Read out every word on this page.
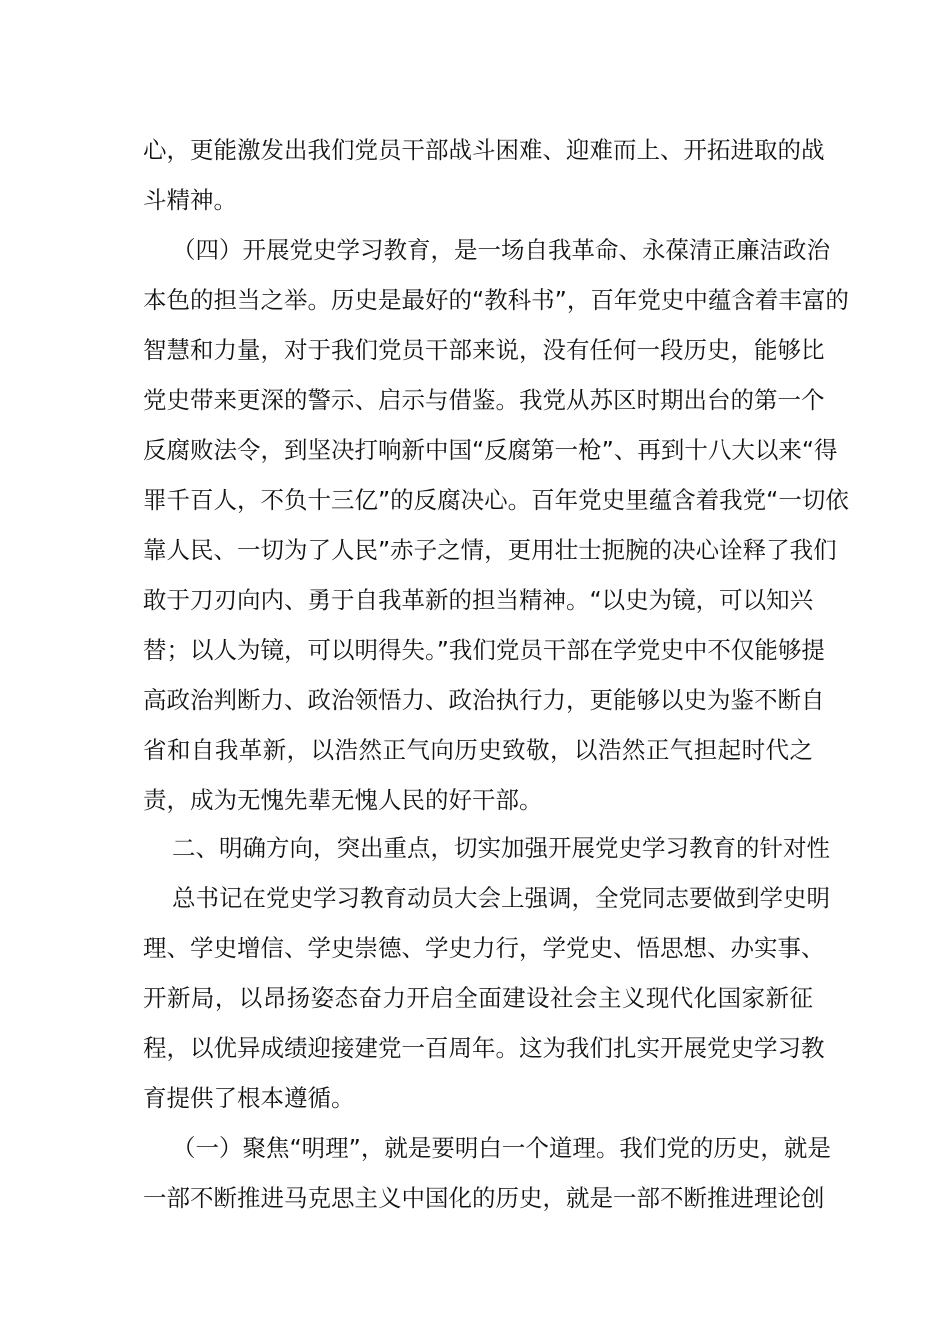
心，更能激发出我们党员干部战斗困难、迎难而上、开拓进取的战
斗精神。
（四）开展党史学习教育，是一场自我革命、永葆清正廉洁政治
本色的担当之举。历史是最好的“教科书”，百年党史中蕴含着丰富的
智慧和力量，对于我们党员干部来说，没有任何一段历史，能够比
党史带来更深的警示、启示与借鉴。我党从苏区时期出台的第一个
反腐败法令，到坚决打响新中国“反腐第一枪”、再到十八大以来“得
罪千百人，不负十三亿”的反腐决心。百年党史里蕴含着我党“一切依
靠人民、一切为了人民”赤子之情，更用壮士扼腕的决心诠释了我们
敢于刀刃向内、勇于自我革新的担当精神。“以史为镜，可以知兴
替；以人为镜，可以明得失。”我们党员干部在学党史中不仅能够提
高政治判断力、政治领悟力、政治执行力，更能够以史为鉴不断自
省和自我革新，以浩然正气向历史致敬，以浩然正气担起时代之
责，成为无愧先辈无愧人民的好干部。
二、明确方向，突出重点，切实加强开展党史学习教育的针对性
总书记在党史学习教育动员大会上强调，全党同志要做到学史明
理、学史增信、学史崇德、学史力行，学党史、悟思想、办实事、
开新局，以昂扬姿态奋力开启全面建设社会主义现代化国家新征
程，以优异成绩迎接建党一百周年。这为我们扎实开展党史学习教
育提供了根本遵循。
（一）聚焦“明理”，就是要明白一个道理。我们党的历史，就是
一部不断推进马克思主义中国化的历史，就是一部不断推进理论创
